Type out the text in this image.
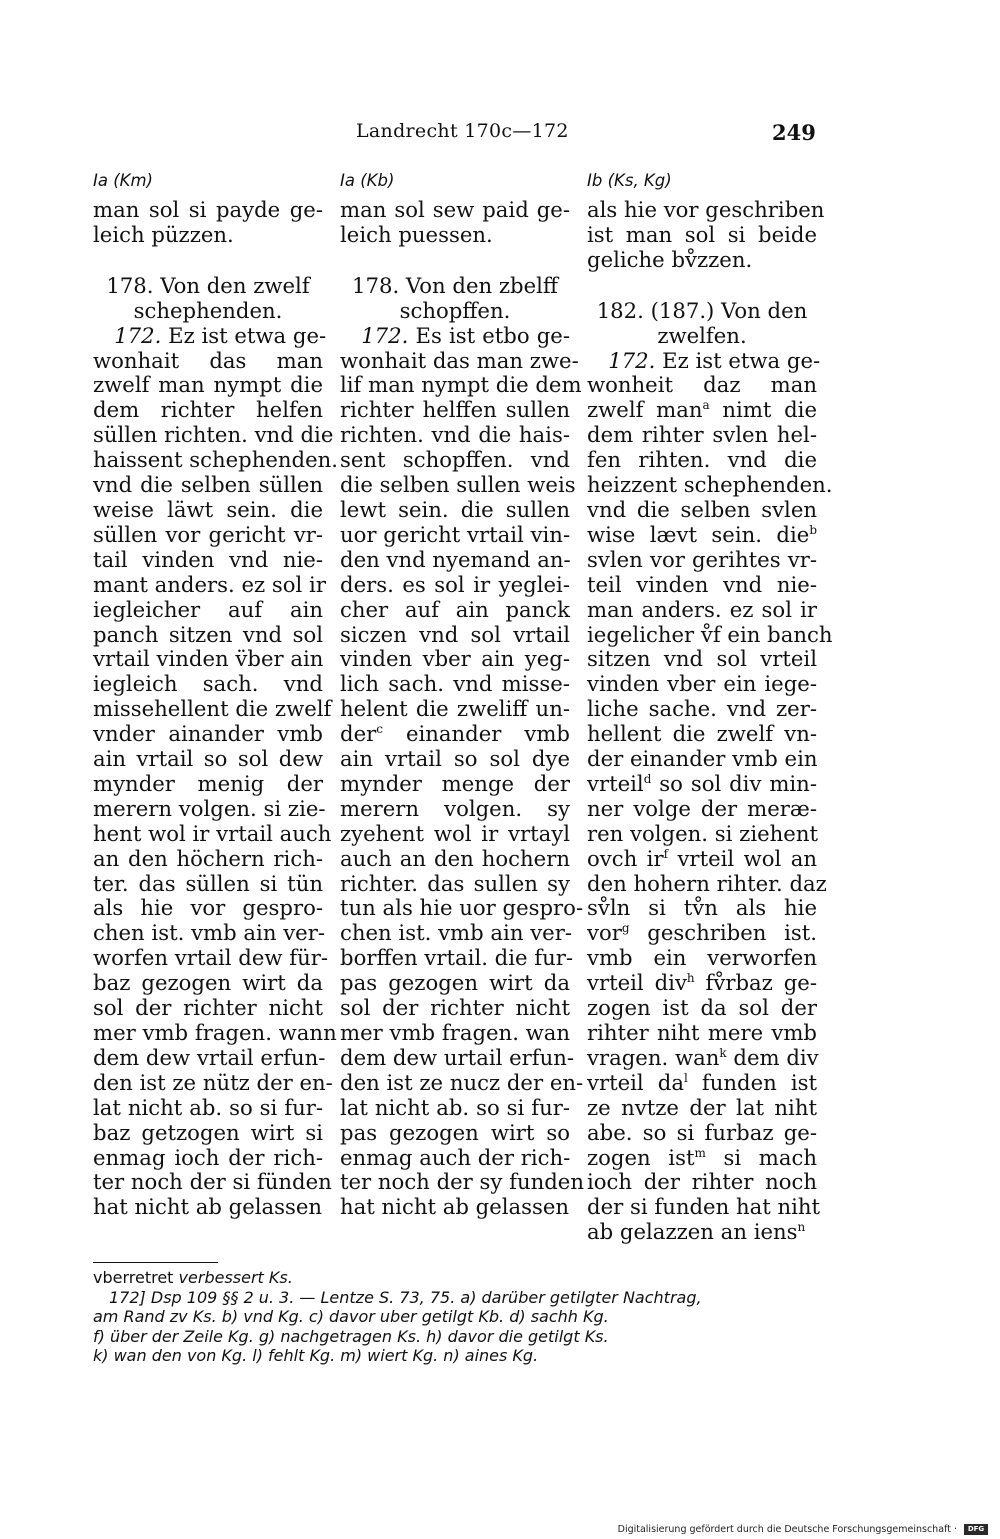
Landrecht 170c—172	249
Ia (Km)
man sol si payde ge-
leich püzzen.
178. Von den zwelf
schephenden.
 172. Ez ist etwa ge-
wonhait das man
zwelf man nympt die
dem richter helfen
süllen richten. vnd die
haissent schephenden.
vnd die selben süllen
weise läwt sein. die
süllen vor gericht vr-
tail vinden vnd nie-
mant anders. ez sol ir
iegleicher auf ain
panch sitzen vnd sol
vrtail vinden v̈ber ain
iegleich sach. vnd
missehellent die zwelf
vnder ainander vmb
ain vrtail so sol dew
mynder menig der
merern volgen. si zie-
hent wol ir vrtail auch
an den höchern rich-
ter. das süllen si tün
als hie vor gespro-
chen ist. vmb ain ver-
worfen vrtail dew für-
baz gezogen wirt da
sol der richter nicht
mer vmb fragen. wann
dem dew vrtail erfun-
den ist ze nütz der en-
lat nicht ab. so si fur-
baz getzogen wirt si
enmag ioch der rich-
ter noch der si fünden
hat nicht ab gelassen
Ia (Kb)
man sol sew paid ge-
leich puessen.
178. Von den zbelff
schopffen.
 172. Es ist etbo ge-
wonhait das man zwe-
lif man nympt die dem
richter helffen sullen
richten. vnd die hais-
sent schopffen. vnd
die selben sullen weis
lewt sein. die sullen
uor gericht vrtail vin-
den vnd nyemand an-
ders. es sol ir yeglei-
cher auf ain panck
siczen vnd sol vrtail
vinden vber ain yeg-
lich sach. vnd misse-
helent die zweliff un-
der$^c$ einander vmb
ain vrtail so sol dye
mynder menge der
merern volgen. sy
zyehent wol ir vrtayl
auch an den hochern
richter. das sullen sy
tun als hie uor gespro-
chen ist. vmb ain ver-
borffen vrtail. die fur-
pas gezogen wirt da
sol der richter nicht
mer vmb fragen. wan
dem dew urtail erfun-
den ist ze nucz der en-
lat nicht ab. so si fur-
pas gezogen wirt so
enmag auch der rich-
ter noch der sy funden
hat nicht ab gelassen
Ib (Ks, Kg)
als hie vor geschriben
ist man sol si beide
geliche bv̊zzen.
182. (187.) Von den
zwelfen.
 172. Ez ist etwa ge-
wonheit daz man
zwelf man$^a$ nimt die
dem rihter svlen hel-
fen rihten. vnd die
heizzent schephenden.
vnd die selben svlen
wise lævt sein. die$^b$
svlen vor gerihtes vr-
teil vinden vnd nie-
man anders. ez sol ir
iegelicher v̊f ein banch
sitzen vnd sol vrteil
vinden vber ein iege-
liche sache. vnd zer-
hellent die zwelf vn-
der einander vmb ein
vrteil$^d$ so sol div min-
ner volge der meræ-
ren volgen. si ziehent
ovch $ir^f$ vrteil wol an
den hohern rihter. daz
sv̊ln si tv̊n als hie
vor$^g$ geschriben ist.
vmb ein verworfen
vrteil div$^h$ fv̊rbaz ge-
zogen ist da sol der
rihter niht mere vmb
vragen. wan$^k$ dem div
vrteil $da^l$ funden ist
ze nvtze der lat niht
abe. so si furbaz ge-
zogen ist$^m$ si mach
ioch der rihter noch
der si funden hat niht
ab gelazzen an iens$^n$
vberretret verbessert Ks.
 172] Dsp 109 §§ 2 u. 3. — Lentze S. 73, 75. a) darüber getilgter Nachtrag,
am Rand zv Ks. b) vnd Kg. c) davor uber getilgt Kb. d) sachh Kg.
f) über der Zeile Kg. g) nachgetragen Ks. h) davor die getilgt Ks.
k) wan den von Kg. l) fehlt Kg. m) wiert Kg. n) aines Kg.
Digitalisierung gefördert durch die Deutsche Forschungsgemeinschaft · DFG
